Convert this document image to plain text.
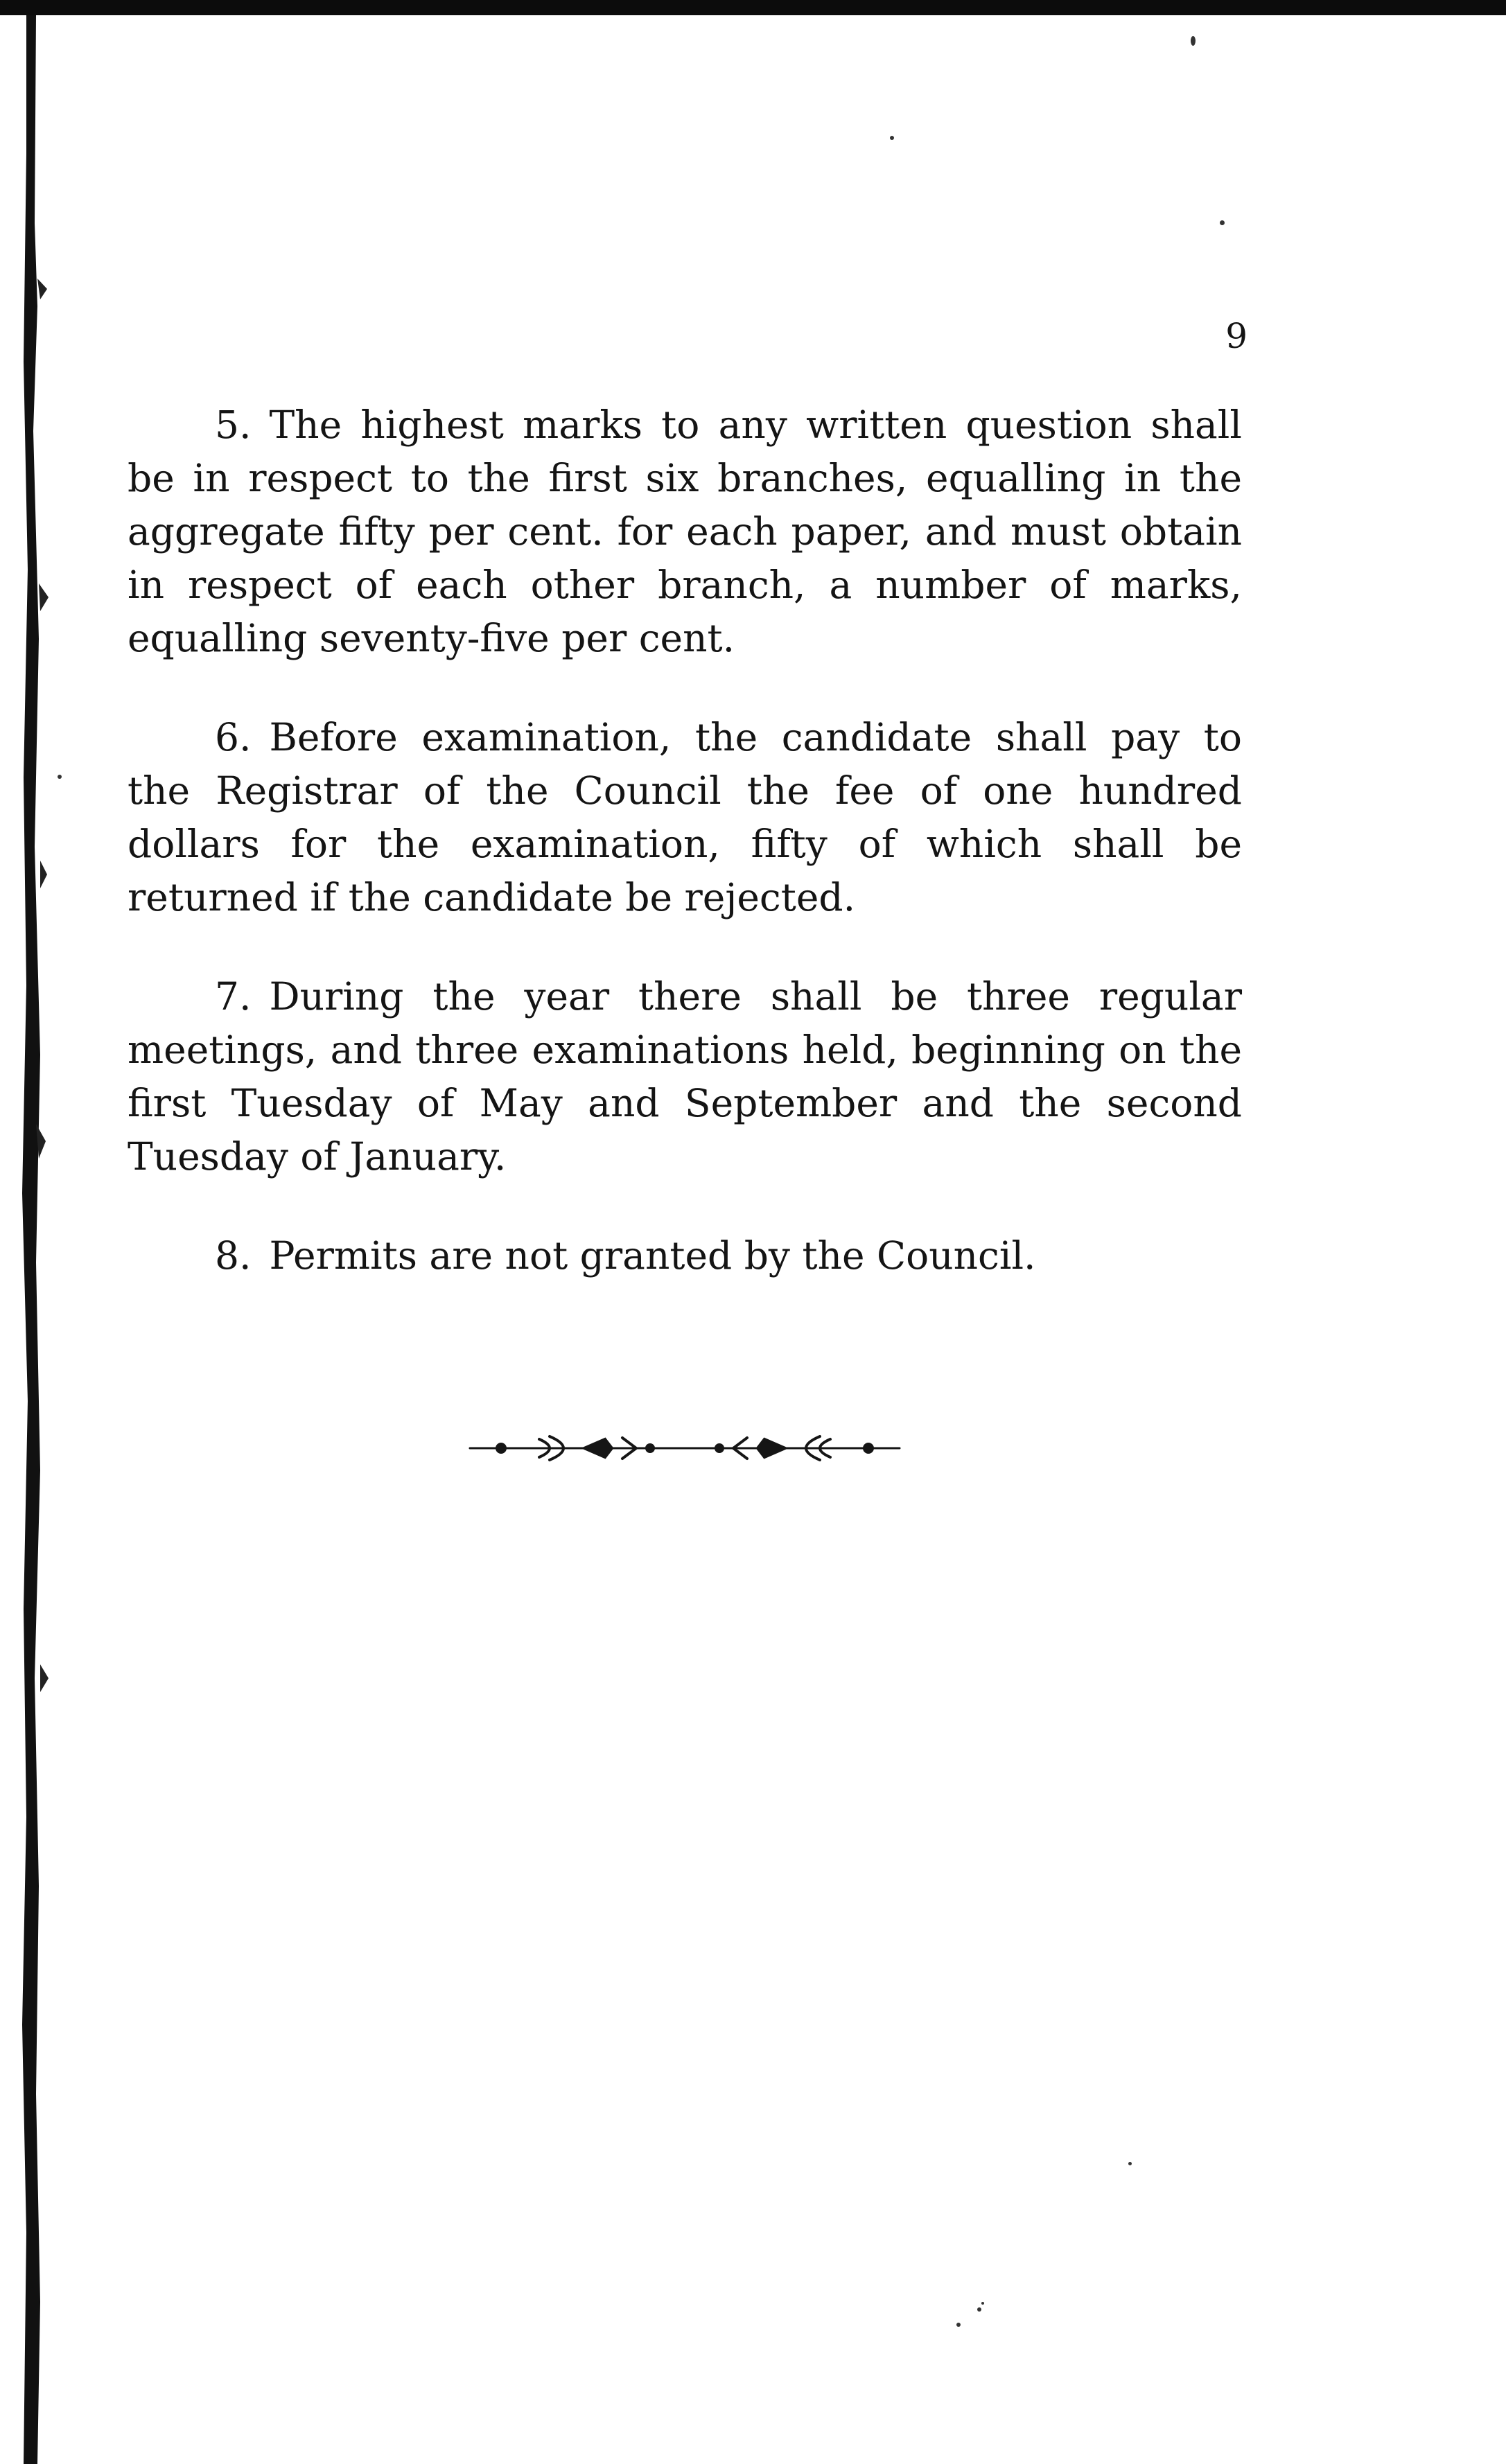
9

5. The highest marks to any written question shall be in respect to the first six branches, equalling in the aggregate fifty per cent. for each paper, and must obtain in respect of each other branch, a number of marks, equalling seventy-five per cent.

6. Before examination, the candidate shall pay to the Registrar of the Council the fee of one hundred dollars for the examination, fifty of which shall be returned if the candidate be rejected.

7. During the year there shall be three regular meetings, and three examinations held, beginning on the first Tuesday of May and September and the second Tuesday of January.

8. Permits are not granted by the Council.
